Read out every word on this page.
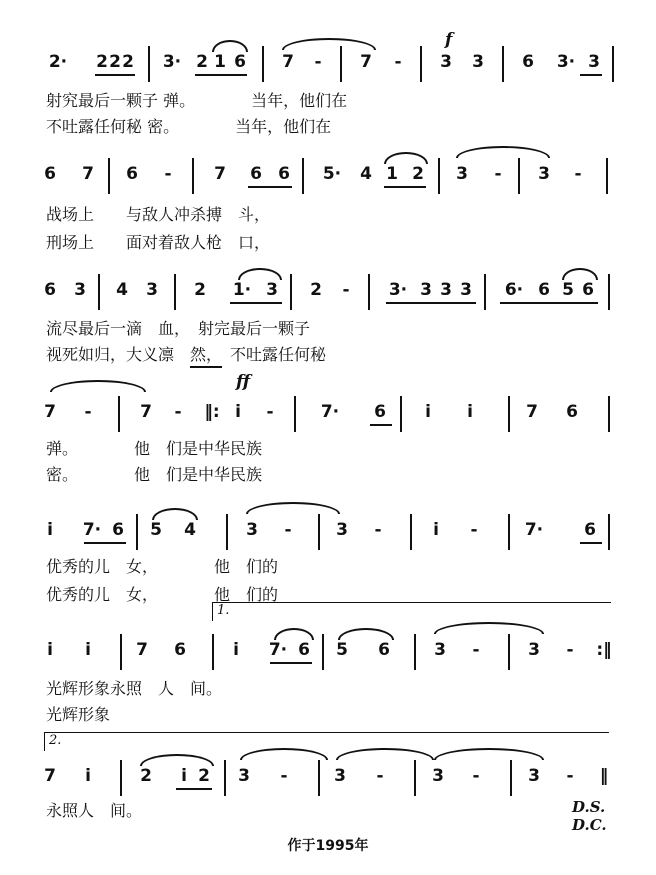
f
2· 2 2 2 3· 2 1 6 7 - 7 - 3 3 6 3· 3
射究最后一颗子 弹。　　　　当年，他们在
不吐露任何秘 密。　　　　当年，他们在
6 7 6 -	7 6 6 5· 4 1 2 3 - 3 -
战场上　　与敌人冲杀搏　斗，
刑场上　　面对着敌人枪　口，
6 3 4 3 2 1· 3 2 - 3· 3 3 3 6· 6 5 6
流尽最后一滴　血，　射完最后一颗子
视死如归，大义凛　然，　不吐露任何秘
ff
7 -	7 - ‖: i -	7· 6 i i	7 6
弹。　　　　他　们是中华民族
密。　　　　他　们是中华民族
i 7· 6 5 4	3 -	3 -	i -	7· 6
优秀的儿　女，　　　　他　们的
优秀的儿　女，　　　　他　们的
1.
i i	7 6	i 7· 6 5 6	3 -	3 - :‖
光辉形象永照　人　间。
光辉形象
2.
7 i	2 i 2 3 -	3 -	3 -	3 - ‖
永照人　间。	D.S.
D.C.
作于1995年
